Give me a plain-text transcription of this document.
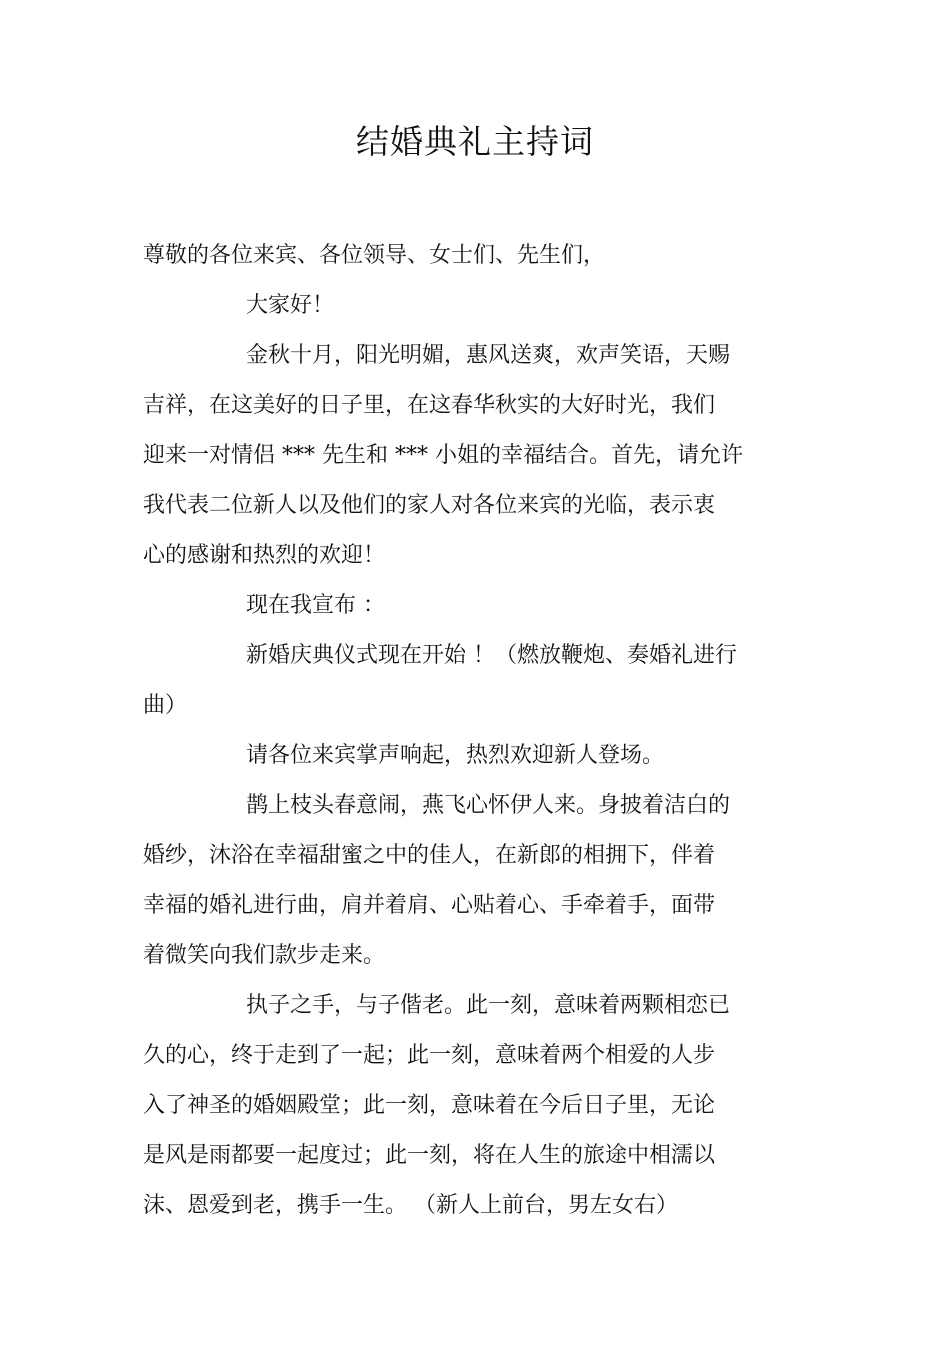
结婚典礼主持词
尊敬的各位来宾、各位领导、女士们、先生们，
大家好！
金秋十月，阳光明媚，惠风送爽，欢声笑语，天赐
吉祥，在这美好的日子里，在这春华秋实的大好时光，我们
迎来一对情侣 *** 先生和 *** 小姐的幸福结合。首先，请允许
我代表二位新人以及他们的家人对各位来宾的光临，表示衷
心的感谢和热烈的欢迎！
现在我宣布 ：
新婚庆典仪式现在开始 ！（燃放鞭炮、奏婚礼进行
曲）
请各位来宾掌声响起，热烈欢迎新人登场。
鹊上枝头春意闹，燕飞心怀伊人来。身披着洁白的
婚纱，沐浴在幸福甜蜜之中的佳人，在新郎的相拥下，伴着
幸福的婚礼进行曲，肩并着肩、心贴着心、手牵着手，面带
着微笑向我们款步走来。
执子之手，与子偕老。此一刻，意味着两颗相恋已
久的心，终于走到了一起；此一刻，意味着两个相爱的人步
入了神圣的婚姻殿堂；此一刻，意味着在今后日子里，无论
是风是雨都要一起度过；此一刻，将在人生的旅途中相濡以
沫、恩爱到老，携手一生。 （新人上前台，男左女右）
